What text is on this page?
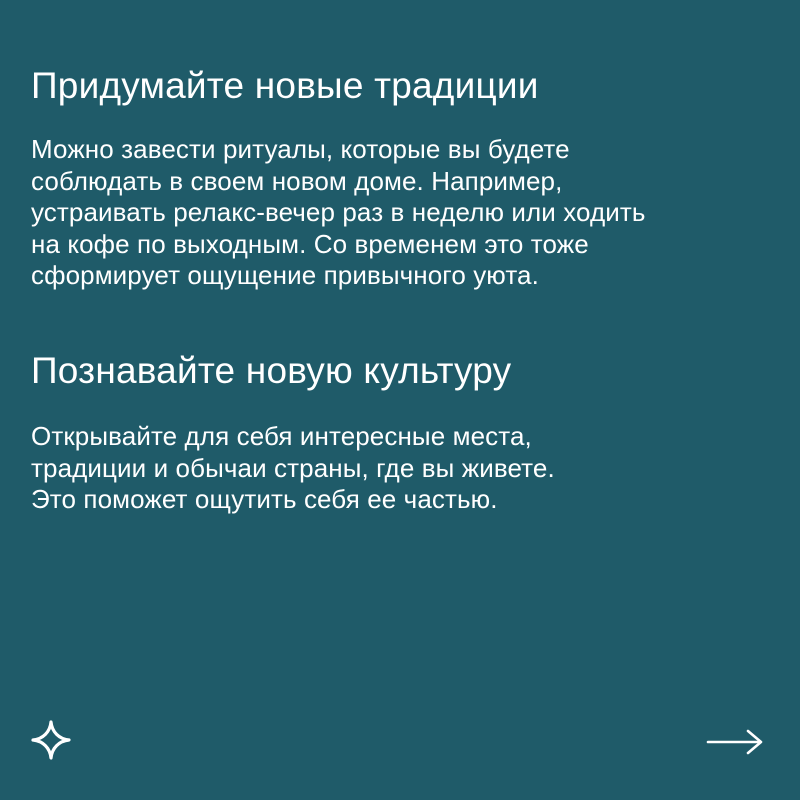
Придумайте новые традиции

Можно завести ритуалы, которые вы будете
соблюдать в своем новом доме. Например,
устраивать релакс-вечер раз в неделю или ходить
на кофе по выходным. Со временем это тоже
сформирует ощущение привычного уюта.

Познавайте новую культуру

Открывайте для себя интересные места,
традиции и обычаи страны, где вы живете.
Это поможет ощутить себя ее частью.
